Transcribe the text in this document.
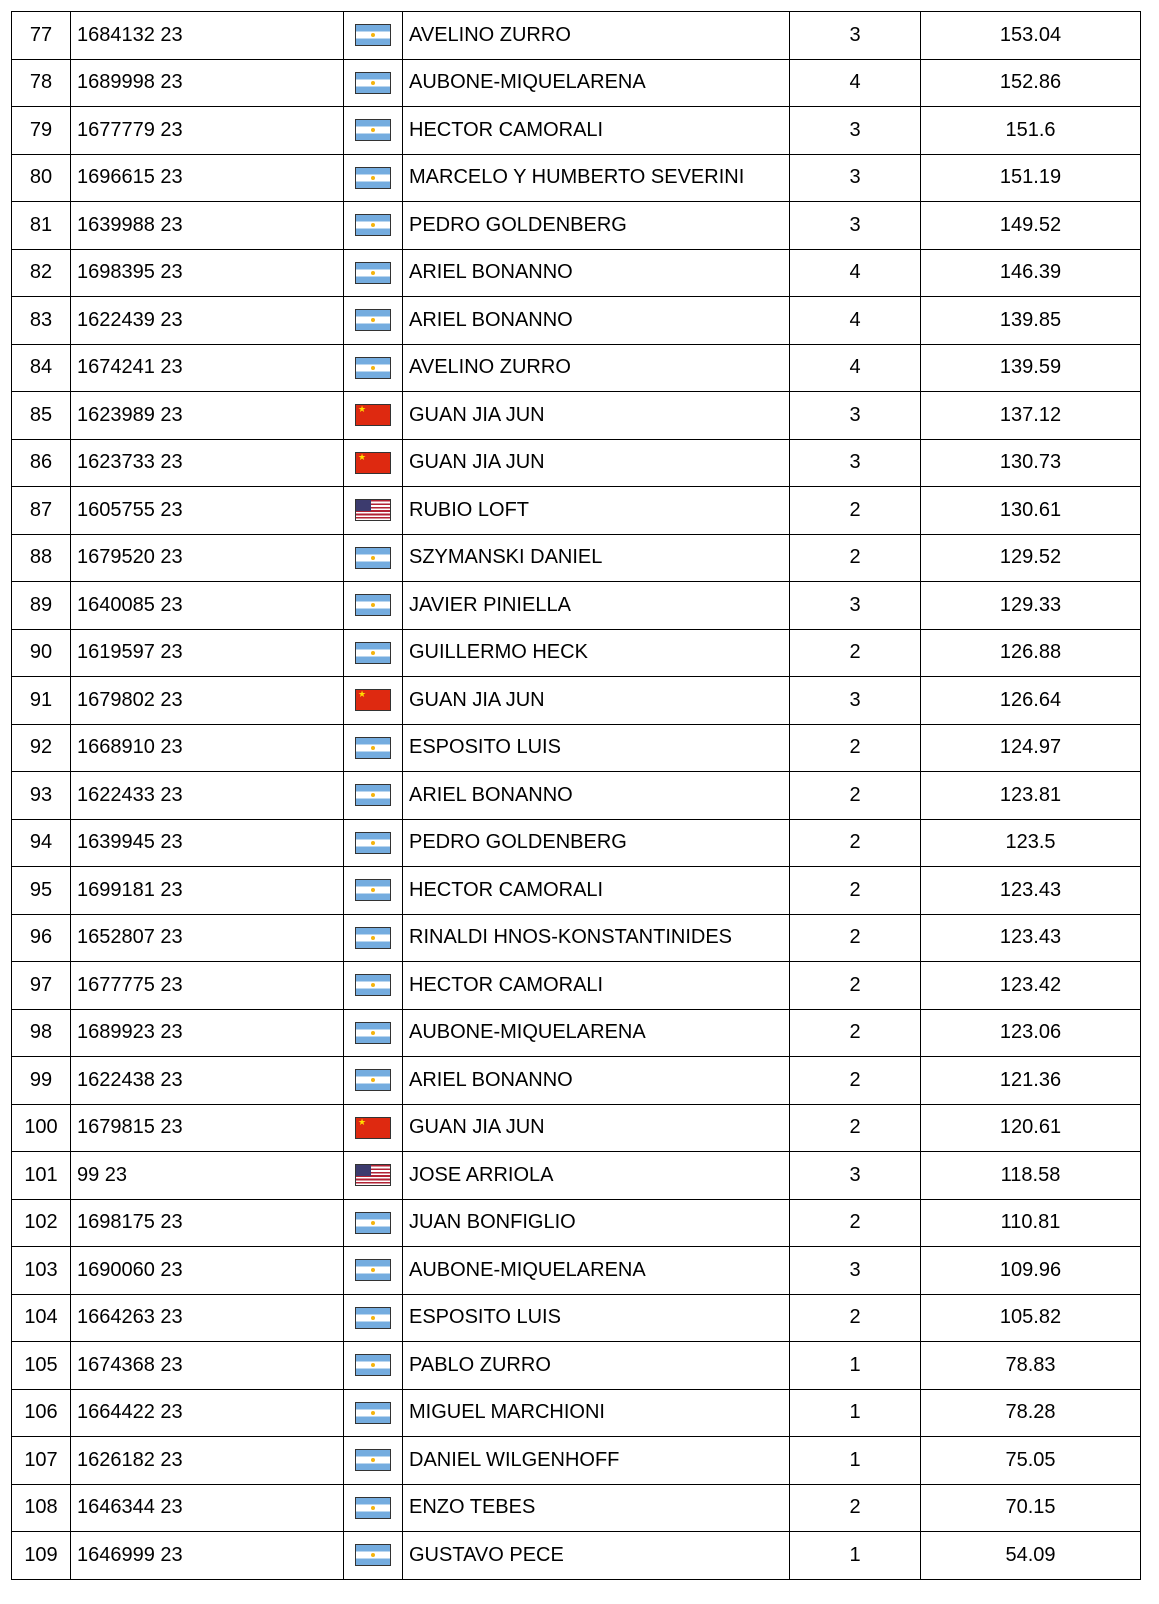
77	1684132 23		AVELINO ZURRO	3	153.04
78	1689998 23		AUBONE-MIQUELARENA	4	152.86
79	1677779 23		HECTOR CAMORALI	3	151.6
80	1696615 23		MARCELO Y HUMBERTO SEVERINI	3	151.19
81	1639988 23		PEDRO GOLDENBERG	3	149.52
82	1698395 23		ARIEL BONANNO	4	146.39
83	1622439 23		ARIEL BONANNO	4	139.85
84	1674241 23		AVELINO ZURRO	4	139.59
85	1623989 23	★	GUAN JIA JUN	3	137.12
86	1623733 23	★	GUAN JIA JUN	3	130.73
87	1605755 23		RUBIO LOFT	2	130.61
88	1679520 23		SZYMANSKI DANIEL	2	129.52
89	1640085 23		JAVIER PINIELLA	3	129.33
90	1619597 23		GUILLERMO HECK	2	126.88
91	1679802 23	★	GUAN JIA JUN	3	126.64
92	1668910 23		ESPOSITO LUIS	2	124.97
93	1622433 23		ARIEL BONANNO	2	123.81
94	1639945 23		PEDRO GOLDENBERG	2	123.5
95	1699181 23		HECTOR CAMORALI	2	123.43
96	1652807 23		RINALDI HNOS-KONSTANTINIDES	2	123.43
97	1677775 23		HECTOR CAMORALI	2	123.42
98	1689923 23		AUBONE-MIQUELARENA	2	123.06
99	1622438 23		ARIEL BONANNO	2	121.36
100	1679815 23	★	GUAN JIA JUN	2	120.61
101	99 23		JOSE ARRIOLA	3	118.58
102	1698175 23		JUAN BONFIGLIO	2	110.81
103	1690060 23		AUBONE-MIQUELARENA	3	109.96
104	1664263 23		ESPOSITO LUIS	2	105.82
105	1674368 23		PABLO ZURRO	1	78.83
106	1664422 23		MIGUEL MARCHIONI	1	78.28
107	1626182 23		DANIEL WILGENHOFF	1	75.05
108	1646344 23		ENZO TEBES	2	70.15
109	1646999 23		GUSTAVO PECE	1	54.09
